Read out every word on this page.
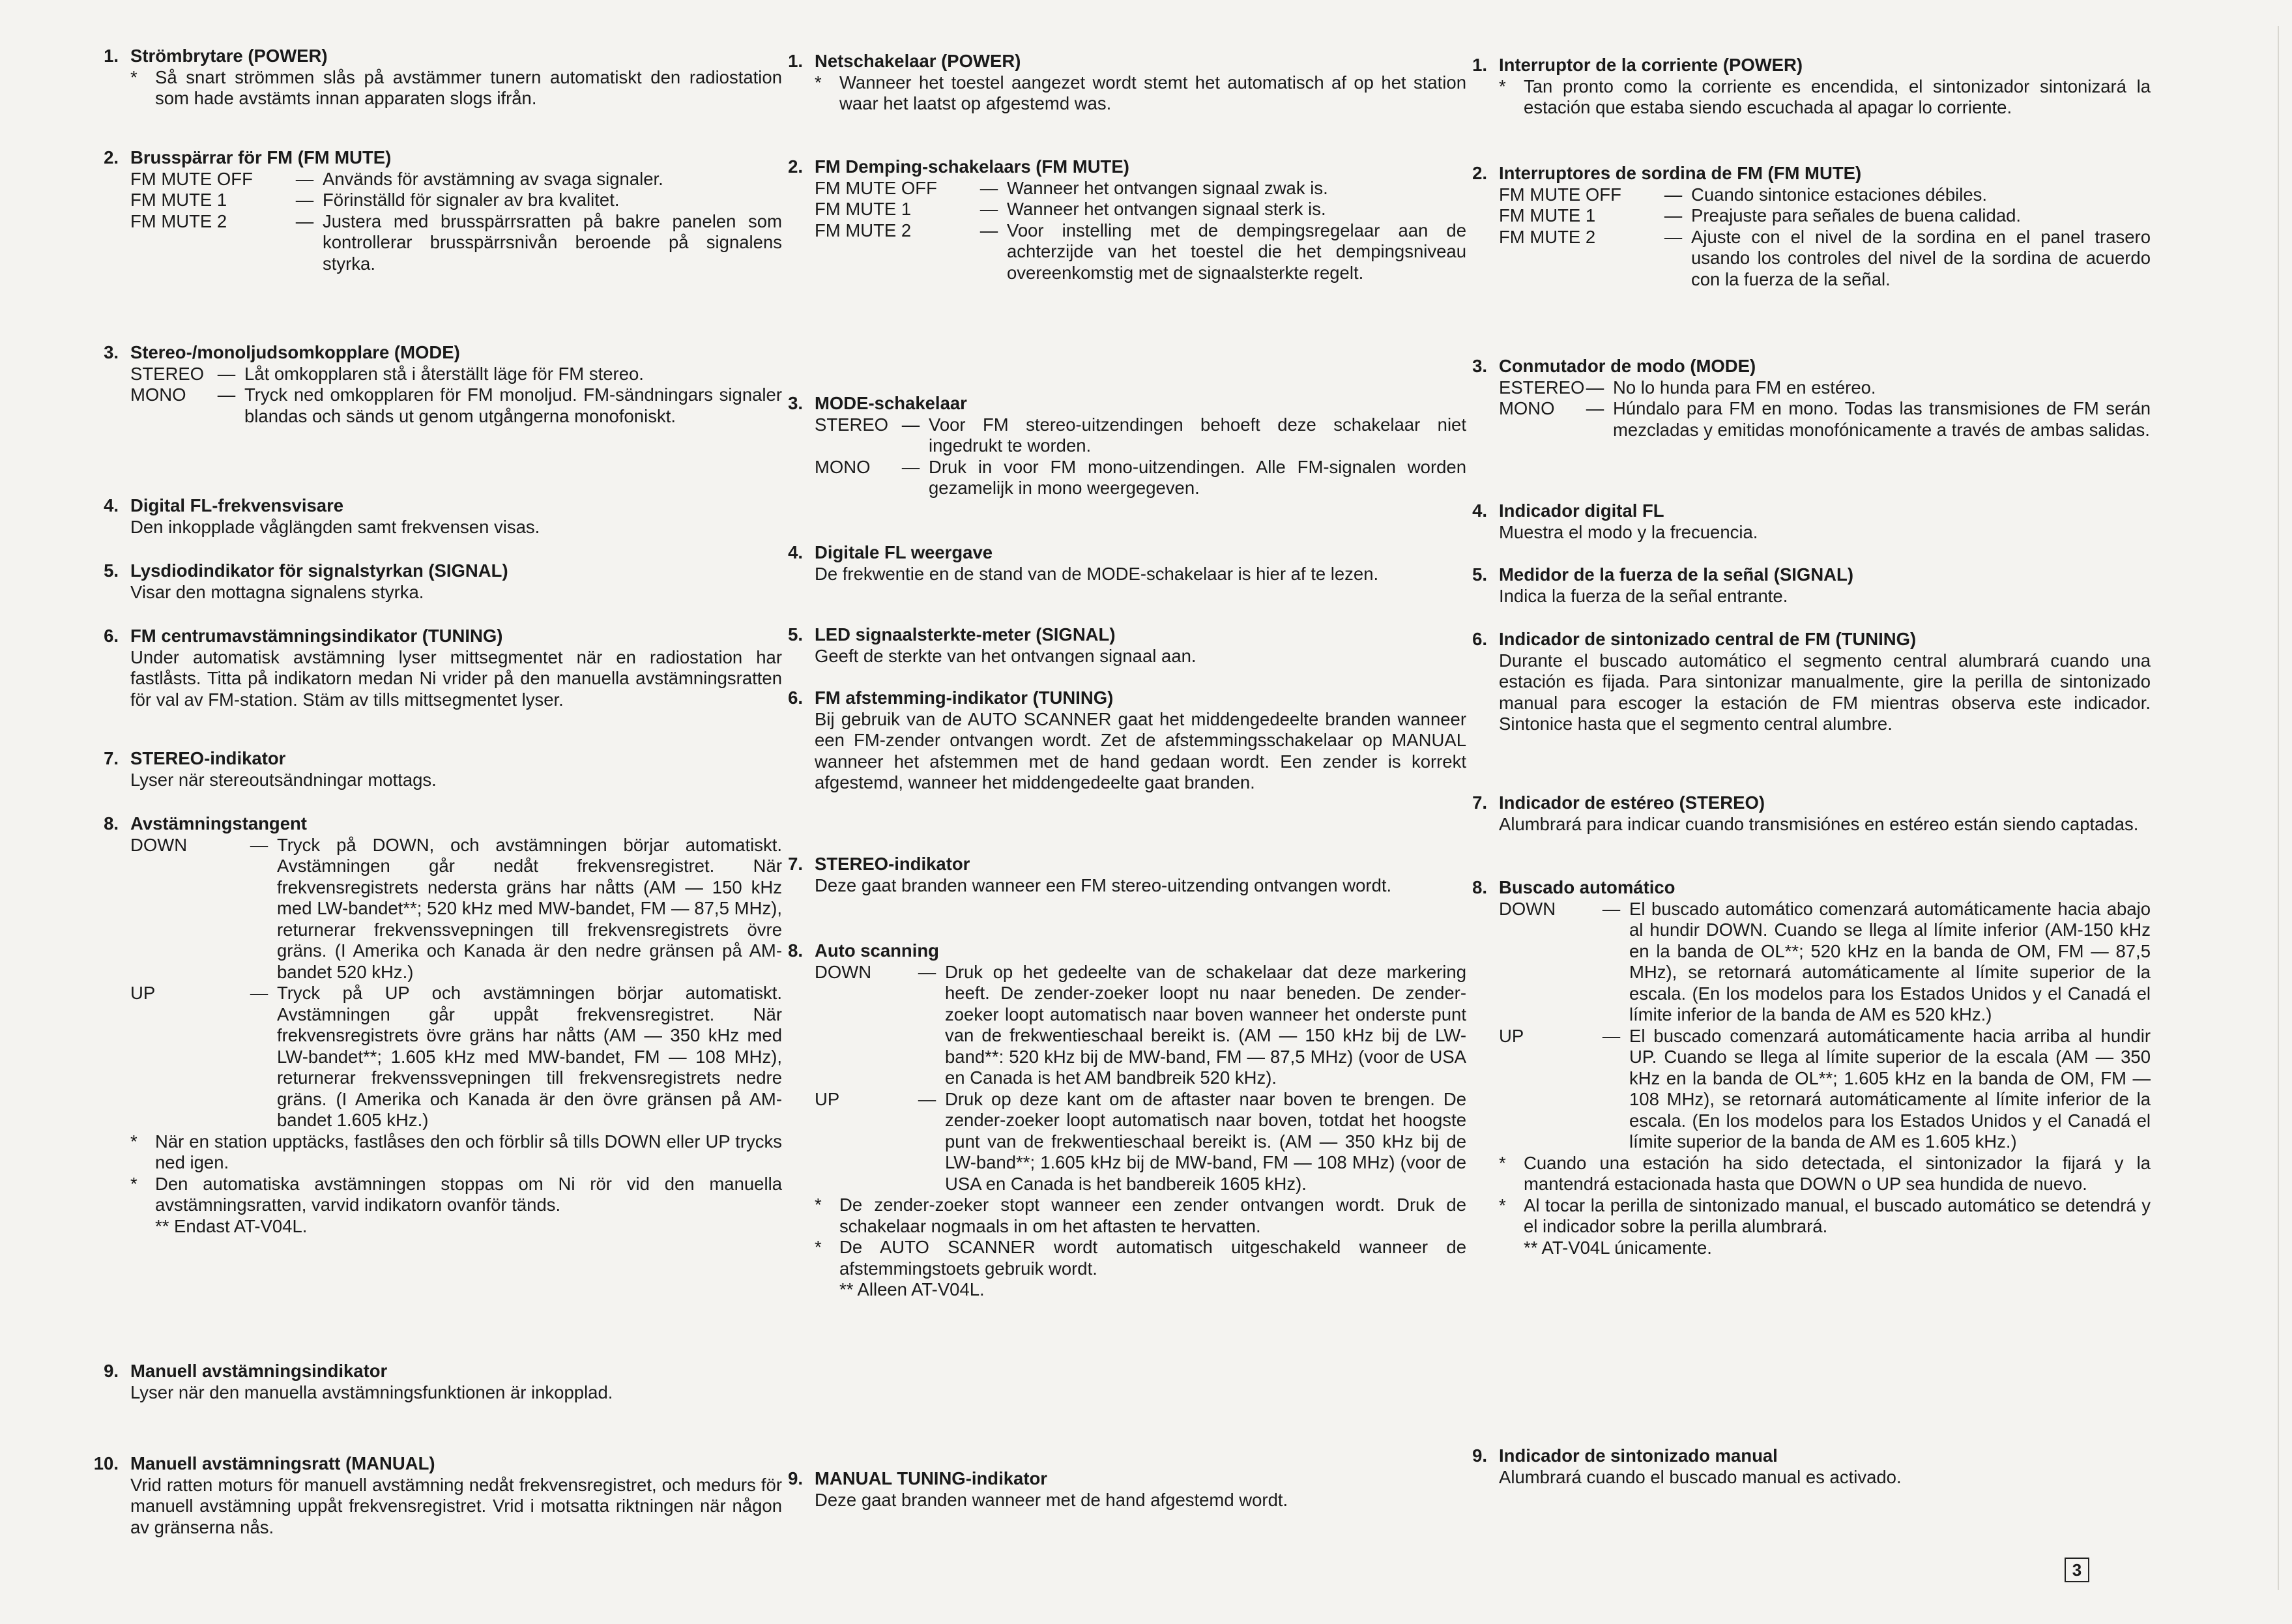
1. Strömbrytare (POWER)
* Så snart strömmen slås på avstämmer tunern automatiskt den radiostation som hade avstämts innan apparaten slogs ifrån.
2. Brusspärrar för FM (FM MUTE)
FM MUTE OFF	— Används för avstämning av svaga signaler.
FM MUTE 1	— Förinställd för signaler av bra kvalitet.
FM MUTE 2	— Justera med brusspärrsratten på bakre panelen som kontrollerar brusspärrsnivån beroende på signalens styrka.
3. Stereo-/monoljudsomkopplare (MODE)
STEREO — Låt omkopplaren stå i återställt läge för FM stereo.
MONO	— Tryck ned omkopplaren för FM monoljud. FM-sändningars signaler blandas och sänds ut genom utgångerna monofoniskt.
4. Digital FL-frekvensvisare
Den inkopplade våglängden samt frekvensen visas.
5. Lysdiodindikator för signalstyrkan (SIGNAL)
Visar den mottagna signalens styrka.
6. FM centrumavstämningsindikator (TUNING)
Under automatisk avstämning lyser mittsegmentet när en radiostation har fastlåsts. Titta på indikatorn medan Ni vrider på den manuella avstämningsratten för val av FM-station. Stäm av tills mittsegmentet lyser.
7. STEREO-indikator
Lyser när stereoutsändningar mottags.
8. Avstämningstangent
DOWN	— Tryck på DOWN, och avstämningen börjar automatiskt. Avstämningen går nedåt frekvensregistret. När frekvensregistrets nedersta gräns har nåtts (AM — 150 kHz med LW-bandet**; 520 kHz med MW-bandet, FM — 87,5 MHz), returnerar frekvenssvepningen till frekvensregistrets övre gräns. (I Amerika och Kanada är den nedre gränsen på AM-bandet 520 kHz.)
UP	— Tryck på UP och avstämningen börjar automatiskt. Avstämningen går uppåt frekvensregistret. När frekvensregistrets övre gräns har nåtts (AM — 350 kHz med LW-bandet**; 1.605 kHz med MW-bandet, FM — 108 MHz), returnerar frekvenssvepningen till frekvensregistrets nedre gräns. (I Amerika och Kanada är den övre gränsen på AM-bandet 1.605 kHz.)
* När en station upptäcks, fastlåses den och förblir så tills DOWN eller UP trycks ned igen.
* Den automatiska avstämningen stoppas om Ni rör vid den manuella avstämningsratten, varvid indikatorn ovanför tänds.
** Endast AT-V04L.
9. Manuell avstämningsindikator
Lyser när den manuella avstämningsfunktionen är inkopplad.
10. Manuell avstämningsratt (MANUAL)
Vrid ratten moturs för manuell avstämning nedåt frekvensregistret, och medurs för manuell avstämning uppåt frekvensregistret. Vrid i motsatta riktningen när någon av gränserna nås.
1. Netschakelaar (POWER)
* Wanneer het toestel aangezet wordt stemt het automatisch af op het station waar het laatst op afgestemd was.
2. FM Demping-schakelaars (FM MUTE)
FM MUTE OFF	— Wanneer het ontvangen signaal zwak is.
FM MUTE 1	— Wanneer het ontvangen signaal sterk is.
FM MUTE 2	— Voor instelling met de dempingsregelaar aan de achterzijde van het toestel die het dempingsniveau overeenkomstig met de signaalsterkte regelt.
3. MODE-schakelaar
STEREO — Voor FM stereo-uitzendingen behoeft deze schakelaar niet ingedrukt te worden.
MONO	— Druk in voor FM mono-uitzendingen. Alle FM-signalen worden gezamelijk in mono weergegeven.
4. Digitale FL weergave
De frekwentie en de stand van de MODE-schakelaar is hier af te lezen.
5. LED signaalsterkte-meter (SIGNAL)
Geeft de sterkte van het ontvangen signaal aan.
6. FM afstemming-indikator (TUNING)
Bij gebruik van de AUTO SCANNER gaat het middengedeelte branden wanneer een FM-zender ontvangen wordt. Zet de afstemmingsschakelaar op MANUAL wanneer het afstemmen met de hand gedaan wordt. Een zender is korrekt afgestemd, wanneer het middengedeelte gaat branden.
7. STEREO-indikator
Deze gaat branden wanneer een FM stereo-uitzending ontvangen wordt.
8. Auto scanning
DOWN	— Druk op het gedeelte van de schakelaar dat deze markering heeft. De zender-zoeker loopt nu naar beneden. De zender-zoeker loopt automatisch naar boven wanneer het onderste punt van de frekwentieschaal bereikt is. (AM — 150 kHz bij de LW-band**: 520 kHz bij de MW-band, FM — 87,5 MHz) (voor de USA en Canada is het AM bandbreik 520 kHz).
UP	— Druk op deze kant om de aftaster naar boven te brengen. De zender-zoeker loopt automatisch naar boven, totdat het hoogste punt van de frekwentieschaal bereikt is. (AM — 350 kHz bij de LW-band**; 1.605 kHz bij de MW-band, FM — 108 MHz) (voor de USA en Canada is het bandbereik 1605 kHz).
* De zender-zoeker stopt wanneer een zender ontvangen wordt. Druk de schakelaar nogmaals in om het aftasten te hervatten.
* De AUTO SCANNER wordt automatisch uitgeschakeld wanneer de afstemmingstoets gebruik wordt.
** Alleen AT-V04L.
9. MANUAL TUNING-indikator
Deze gaat branden wanneer met de hand afgestemd wordt.
1. Interruptor de la corriente (POWER)
* Tan pronto como la corriente es encendida, el sintonizador sintonizará la estación que estaba siendo escuchada al apagar lo corriente.
2. Interruptores de sordina de FM (FM MUTE)
FM MUTE OFF	— Cuando sintonice estaciones débiles.
FM MUTE 1	— Preajuste para señales de buena calidad.
FM MUTE 2	— Ajuste con el nivel de la sordina en el panel trasero usando los controles del nivel de la sordina de acuerdo con la fuerza de la señal.
3. Conmutador de modo (MODE)
ESTEREO — No lo hunda para FM en estéreo.
MONO	— Húndalo para FM en mono. Todas las transmisiones de FM serán mezcladas y emitidas monofónicamente a través de ambas salidas.
4. Indicador digital FL
Muestra el modo y la frecuencia.
5. Medidor de la fuerza de la señal (SIGNAL)
Indica la fuerza de la señal entrante.
6. Indicador de sintonizado central de FM (TUNING)
Durante el buscado automático el segmento central alumbrará cuando una estación es fijada. Para sintonizar manualmente, gire la perilla de sintonizado manual para escoger la estación de FM mientras observa este indicador. Sintonice hasta que el segmento central alumbre.
7. Indicador de estéreo (STEREO)
Alumbrará para indicar cuando transmisiónes en estéreo están siendo captadas.
8. Buscado automático
DOWN	— El buscado automático comenzará automáticamente hacia abajo al hundir DOWN. Cuando se llega al límite inferior (AM-150 kHz en la banda de OL**; 520 kHz en la banda de OM, FM — 87,5 MHz), se retornará automáticamente al límite superior de la escala. (En los modelos para los Estados Unidos y el Canadá el límite inferior de la banda de AM es 520 kHz.)
UP	— El buscado comenzará automáticamente hacia arriba al hundir UP. Cuando se llega al límite superior de la escala (AM — 350 kHz en la banda de OL**; 1.605 kHz en la banda de OM, FM — 108 MHz), se retornará automáticamente al límite inferior de la escala. (En los modelos para los Estados Unidos y el Canadá el límite superior de la banda de AM es 1.605 kHz.)
* Cuando una estación ha sido detectada, el sintonizador la fijará y la mantendrá estacionada hasta que DOWN o UP sea hundida de nuevo.
* Al tocar la perilla de sintonizado manual, el buscado automático se detendrá y el indicador sobre la perilla alumbrará.
** AT-V04L únicamente.
9. Indicador de sintonizado manual
Alumbrará cuando el buscado manual es activado.
3
